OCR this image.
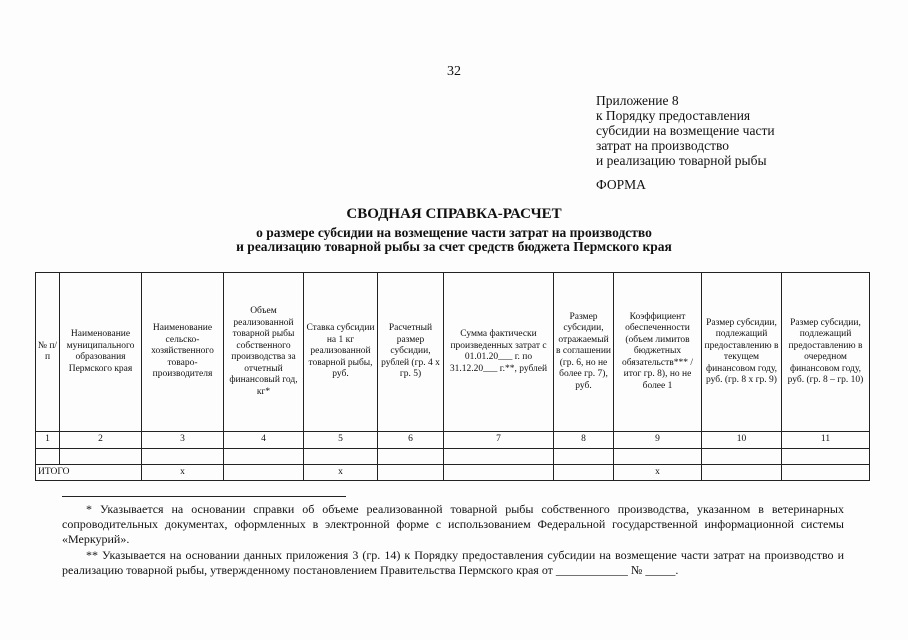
32
Приложение 8
к Порядку предоставления
субсидии на возмещение части
затрат на производство
и реализацию товарной рыбы
ФОРМА
СВОДНАЯ СПРАВКА-РАСЧЕТ
о размере субсидии на возмещение части затрат на производство
и реализацию товарной рыбы за счет средств бюджета Пермского края
№ п/п	Наименование муниципального образования Пермского края	Наименование сельско-хозяйственного товаро-производителя	Объем реализованной товарной рыбы собственного производства за отчетный финансовый год, кг*	Ставка субсидии на 1 кг реализованной товарной рыбы, руб.	Расчетный размер субсидии, рублей (гр. 4 х гр. 5)	Сумма фактически произведенных затрат с 01.01.20___ г. по 31.12.20___ г.**, рублей	Размер субсидии, отражаемый в соглашении (гр. 6, но не более гр. 7), руб.	Коэффициент обеспеченности (объем лимитов бюджетных обязательств*** / итог гр. 8), но не более 1	Размер субсидии, подлежащий предоставлению в текущем финансовом году, руб. (гр. 8 х гр. 9)	Размер субсидии, подлежащий предоставлению в очередном финансовом году, руб. (гр. 8 – гр. 10)
1	2	3	4	5	6	7	8	9	10	11

ИТОГО		х		х				х		
* Указывается на основании справки об объеме реализованной товарной рыбы собственного производства, указанном в ветеринарных сопроводительных документах, оформленных в электронной форме с использованием Федеральной государственной информационной системы «Меркурий».
** Указывается на основании данных приложения 3 (гр. 14) к Порядку предоставления субсидии на возмещение части затрат на производство и реализацию товарной рыбы, утвержденному постановлением Правительства Пермского края от ____________ № _____.
